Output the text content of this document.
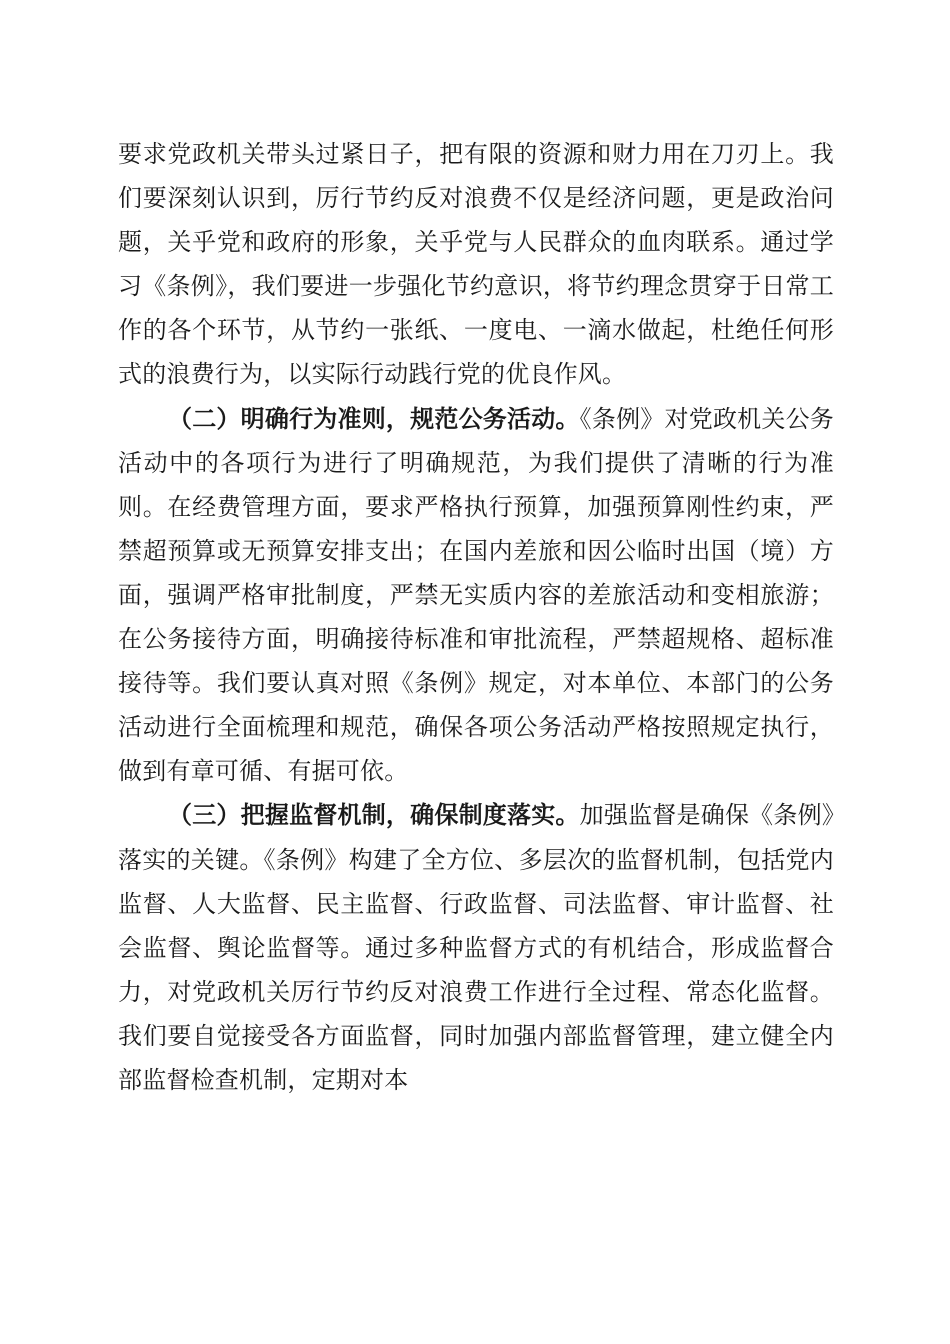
要求党政机关带头过紧日子，把有限的资源和财力用在刀刃上。我们要深刻认识到，厉行节约反对浪费不仅是经济问题，更是政治问题，关乎党和政府的形象，关乎党与人民群众的血肉联系。通过学习《条例》，我们要进一步强化节约意识，将节约理念贯穿于日常工作的各个环节，从节约一张纸、一度电、一滴水做起，杜绝任何形式的浪费行为，以实际行动践行党的优良作风。

（二）明确行为准则，规范公务活动。《条例》对党政机关公务活动中的各项行为进行了明确规范，为我们提供了清晰的行为准则。在经费管理方面，要求严格执行预算，加强预算刚性约束，严禁超预算或无预算安排支出；在国内差旅和因公临时出国（境）方面，强调严格审批制度，严禁无实质内容的差旅活动和变相旅游；在公务接待方面，明确接待标准和审批流程，严禁超规格、超标准接待等。我们要认真对照《条例》规定，对本单位、本部门的公务活动进行全面梳理和规范，确保各项公务活动严格按照规定执行，做到有章可循、有据可依。

（三）把握监督机制，确保制度落实。加强监督是确保《条例》落实的关键。《条例》构建了全方位、多层次的监督机制，包括党内监督、人大监督、民主监督、行政监督、司法监督、审计监督、社会监督、舆论监督等。通过多种监督方式的有机结合，形成监督合力，对党政机关厉行节约反对浪费工作进行全过程、常态化监督。我们要自觉接受各方面监督，同时加强内部监督管理，建立健全内部监督检查机制，定期对本
